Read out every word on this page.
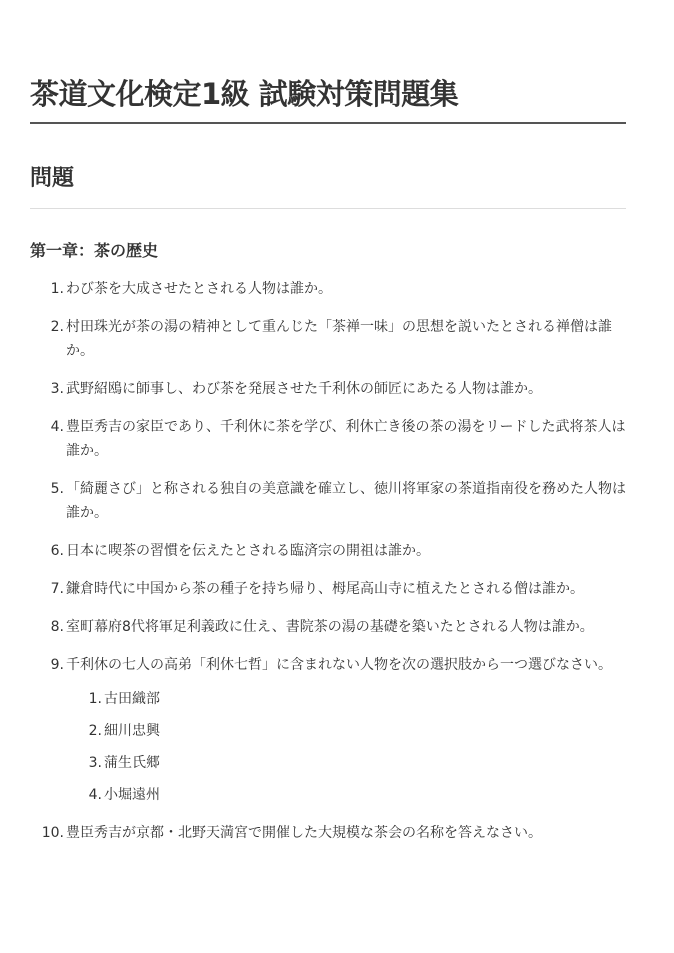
茶道文化検定1級 試験対策問題集
問題
第一章：茶の歴史
1. わび茶を大成させたとされる人物は誰か。
2. 村田珠光が茶の湯の精神として重んじた「茶禅一味」の思想を説いたとされる禅僧は誰か。
3. 武野紹鴎に師事し、わび茶を発展させた千利休の師匠にあたる人物は誰か。
4. 豊臣秀吉の家臣であり、千利休に茶を学び、利休亡き後の茶の湯をリードした武将茶人は誰か。
5. 「綺麗さび」と称される独自の美意識を確立し、徳川将軍家の茶道指南役を務めた人物は誰か。
6. 日本に喫茶の習慣を伝えたとされる臨済宗の開祖は誰か。
7. 鎌倉時代に中国から茶の種子を持ち帰り、栂尾高山寺に植えたとされる僧は誰か。
8. 室町幕府8代将軍足利義政に仕え、書院茶の湯の基礎を築いたとされる人物は誰か。
9. 千利休の七人の高弟「利休七哲」に含まれない人物を次の選択肢から一つ選びなさい。
1. 古田織部
2. 細川忠興
3. 蒲生氏郷
4. 小堀遠州
10. 豊臣秀吉が京都・北野天満宮で開催した大規模な茶会の名称を答えなさい。
